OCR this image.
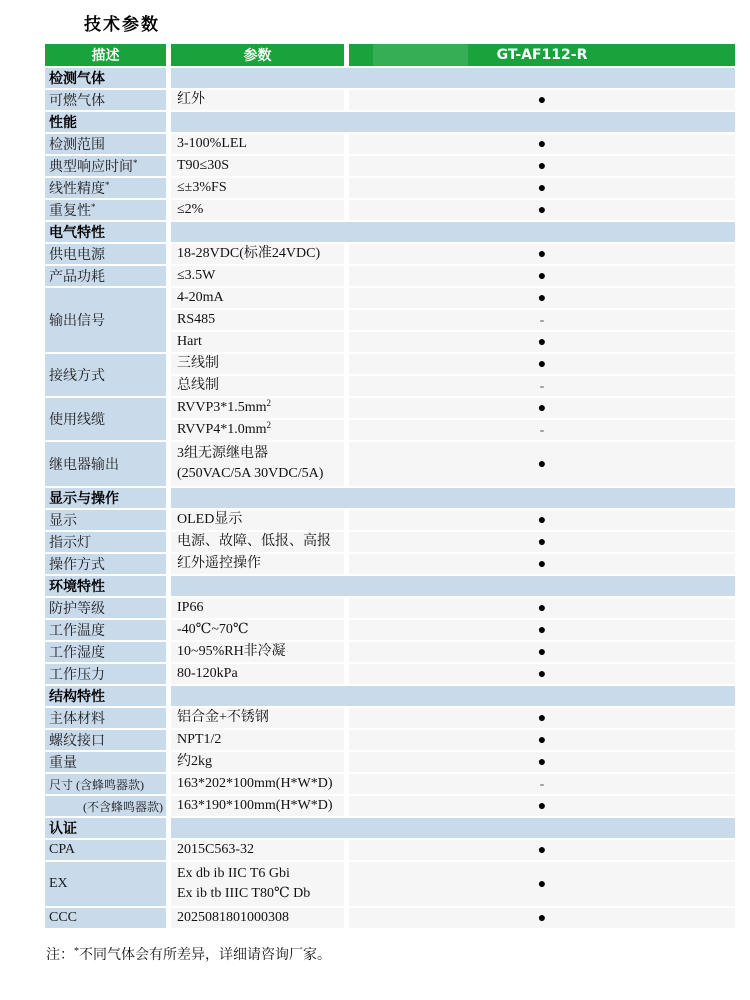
技术参数
描述	参数	GT-AF112-R
检测气体		
可燃气体	红外	●
性能		
检测范围	3-100%LEL	●
典型响应时间*	T90≤30S	●
线性精度*	≤±3%FS	●
重复性*	≤2%	●
电气特性		
供电电源	18-28VDC(标准24VDC)	●
产品功耗	≤3.5W	●
输出信号	4-20mA	●

	RS485	-

	Hart	●
接线方式	三线制	●

	总线制	-
使用线缆	$RVVP3*1.5mm^2$	●

	$RVVP4*1.0mm^2$	-
继电器输出	3组无源继电器
(250VAC/5A 30VDC/5A)	●
显示与操作		
显示	OLED显示	●
指示灯	电源、故障、低报、高报	●
操作方式	红外遥控操作	●
环境特性		
防护等级	IP66	●
工作温度	-40℃~70℃	●
工作湿度	10~95%RH非冷凝	●
工作压力	80-120kPa	●
结构特性		
主体材料	铝合金+不锈钢	●
螺纹接口	NPT1/2	●
重量	约2kg	●
尺寸 (含蜂鸣器款)	163*202*100mm(H*W*D)	-
(不含蜂鸣器款)	163*190*100mm(H*W*D)	●
认证		
CPA	2015C563-32	●
EX	Ex db ib IIC T6 Gbi
Ex ib tb IIIC T80℃ Db	●
CCC	2025081801000308	●

注：*不同气体会有所差异，详细请咨询厂家。
